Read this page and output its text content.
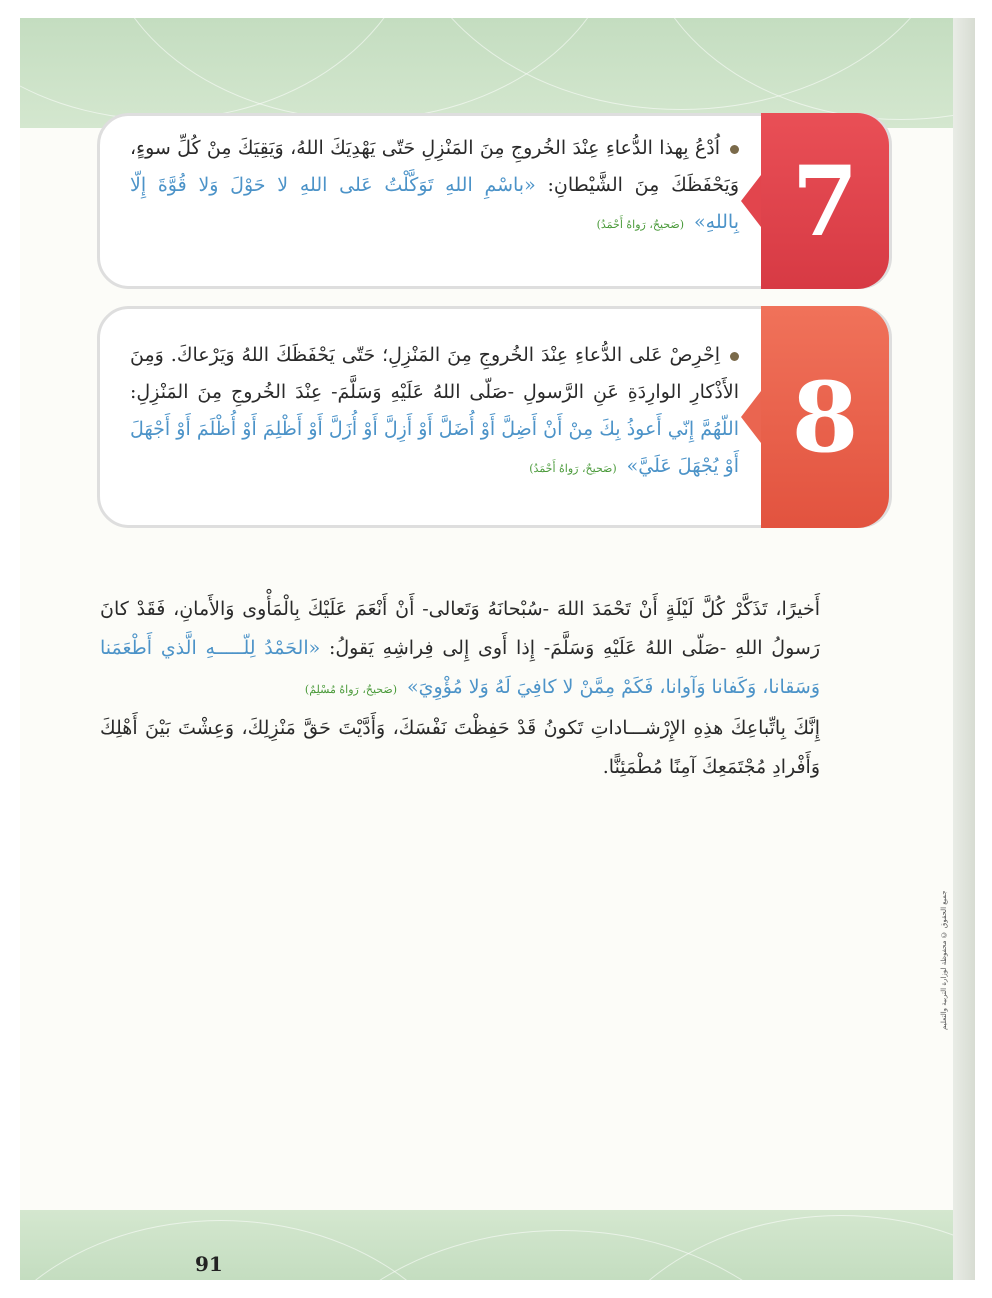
91
جميع الحقوق © محفوظة لوزارة التربية والتعليم
7
اُدْعُ بِهذا الدُّعاءِ عِنْدَ الخُروجِ مِنَ المَنْزِلِ حَتّى يَهْدِيَكَ اللهُ، وَيَقِيَكَ مِنْ كُلِّ سوءٍ، وَيَحْفَظَكَ مِنَ الشَّيْطانِ: «باسْمِ اللهِ تَوَكَّلْتُ عَلى اللهِ لا حَوْلَ وَلا قُوَّةَ إِلّا بِاللهِ»(صَحيحٌ، رَواهُ أَحْمَدُ)
8
اِحْرِصْ عَلى الدُّعاءِ عِنْدَ الخُروجِ مِنَ المَنْزِلِ؛ حَتّى يَحْفَظَكَ اللهُ وَيَرْعاكَ. وَمِنَ الأَذْكارِ الوارِدَةِ عَنِ الرَّسولِ -صَلّى اللهُ عَلَيْهِ وَسَلَّمَ- عِنْدَ الخُروجِ مِنَ المَنْزِلِ: اللّهُمَّ إِنّي أَعوذُ بِكَ مِنْ أَنْ أَضِلَّ أَوْ أُضَلَّ أَوْ أَزِلَّ أَوْ أُزَلَّ أَوْ أَظْلِمَ أَوْ أُظْلَمَ أَوْ أَجْهَلَ أَوْ يُجْهَلَ عَلَيَّ»(صَحيحٌ، رَواهُ أَحْمَدُ)

أَخيرًا، تَذَكَّرْ كُلَّ لَيْلَةٍ أَنْ تَحْمَدَ اللهَ -سُبْحانَهُ وَتَعالى- أَنْ أَنْعَمَ عَلَيْكَ بِالْمَأْوى وَالأَمانِ، فَقَدْ كانَ رَسولُ اللهِ -صَلّى اللهُ عَلَيْهِ وَسَلَّمَ- إِذا أَوى إِلى فِراشِهِ يَقولُ: «الحَمْدُ لِلّـــــهِ الَّذي أَطْعَمَنا وَسَقانا، وَكَفانا وَآوانا، فَكَمْ مِمَّنْ لا كافِيَ لَهُ وَلا مُؤْوِيَ»(صَحيحٌ، رَواهُ مُسْلِمٌ)

إِنَّكَ بِاتِّباعِكَ هذِهِ الإِرْشـــاداتِ تَكونُ قَدْ حَفِظْتَ نَفْسَكَ، وَأَدَّيْتَ حَقَّ مَنْزِلِكَ، وَعِشْتَ بَيْنَ أَهْلِكَ وَأَفْرادِ مُجْتَمَعِكَ آمِنًا مُطْمَئِنًّا.
